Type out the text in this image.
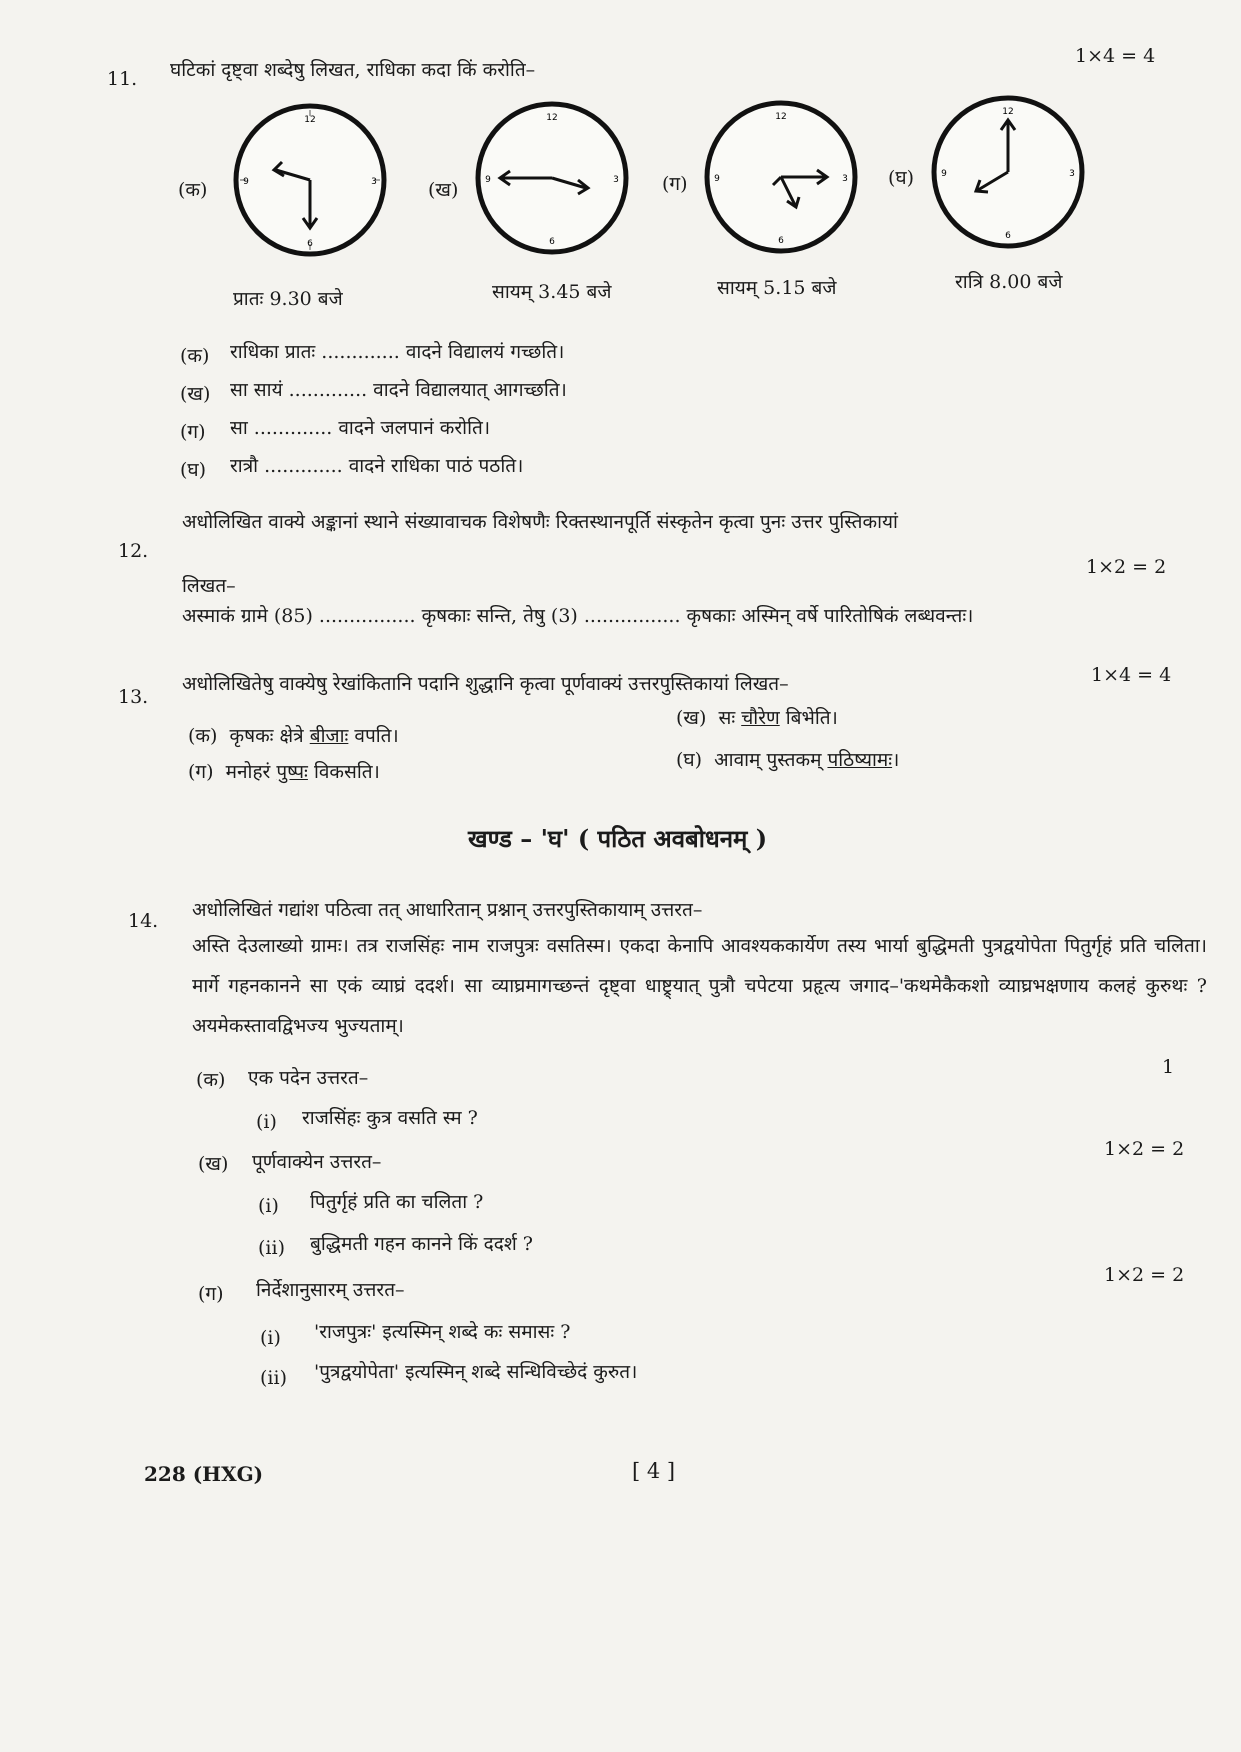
11. घटिकां दृष्ट्वा शब्देषु लिखत, राधिका कदा किं करोति–
1×4 = 4
(क)
12
6
9	3	(ख)
12
6
9	3 (ग)
12
6
9	3 (घ)
12
6
9	3
प्रातः 9.30 बजे	सायम् 3.45 बजे	सायम् 5.15 बजे	रात्रि 8.00 बजे
(क) राधिका प्रातः ............. वादने विद्यालयं गच्छति।
(ख) सा सायं ............. वादने विद्यालयात् आगच्छति।
(ग) सा ............. वादने जलपानं करोति।
(घ) रात्रौ ............. वादने राधिका पाठं पठति।
12.
अधोलिखित वाक्ये अङ्कानां स्थाने संख्यावाचक विशेषणैः रिक्तस्थानपूर्ति संस्कृतेन कृत्वा पुनः उत्तर पुस्तिकायां
लिखत–
1×2 = 2
अस्माकं ग्रामे (85) ................ कृषकाः सन्ति, तेषु (3) ................ कृषकाः अस्मिन् वर्षे पारितोषिकं लब्धवन्तः।
13.
अधोलिखितेषु वाक्येषु रेखांकितानि पदानि शुद्धानि कृत्वा पूर्णवाक्यं उत्तरपुस्तिकायां लिखत–	1×4 = 4
(क) कृषकः क्षेत्रे बीजाः वपति।
(ख) सः चौरेण बिभेति।
(ग) मनोहरं पुष्पः विकसति।
(घ) आवाम् पुस्तकम् पठिष्यामः।
खण्ड – 'घ' ( पठित अवबोधनम् )
14. अधोलिखितं गद्यांश पठित्वा तत् आधारितान् प्रश्नान् उत्तरपुस्तिकायाम् उत्तरत–
अस्ति देउलाख्यो ग्रामः। तत्र राजसिंहः नाम राजपुत्रः वसतिस्म। एकदा केनापि आवश्यककार्येण तस्य भार्या बुद्धिमती पुत्रद्वयोपेता पितुर्गृहं प्रति चलिता। मार्गे गहनकानने सा एकं व्याघ्रं ददर्श। सा व्याघ्रमागच्छन्तं दृष्ट्वा धाष्ट्र्यात् पुत्रौ चपेटया प्रहृत्य जगाद–'कथमेकैकशो व्याघ्रभक्षणाय कलहं कुरुथः ? अयमेकस्तावद्विभज्य भुज्यताम्।
(क) एक पदेन उत्तरत–	1
(i) राजसिंहः कुत्र वसति स्म ?
(ख) पूर्णवाक्येन उत्तरत–
1×2 = 2
(i) पितुर्गृहं प्रति का चलिता ?
(ii) बुद्धिमती गहन कानने किं ददर्श ?
(ग) निर्देशानुसारम् उत्तरत–
1×2 = 2
(i) 'राजपुत्रः' इत्यस्मिन् शब्दे कः समासः ?
(ii) 'पुत्रद्वयोपेता' इत्यस्मिन् शब्दे सन्धिविच्छेदं कुरुत।
228 (HXG)	[ 4 ]
